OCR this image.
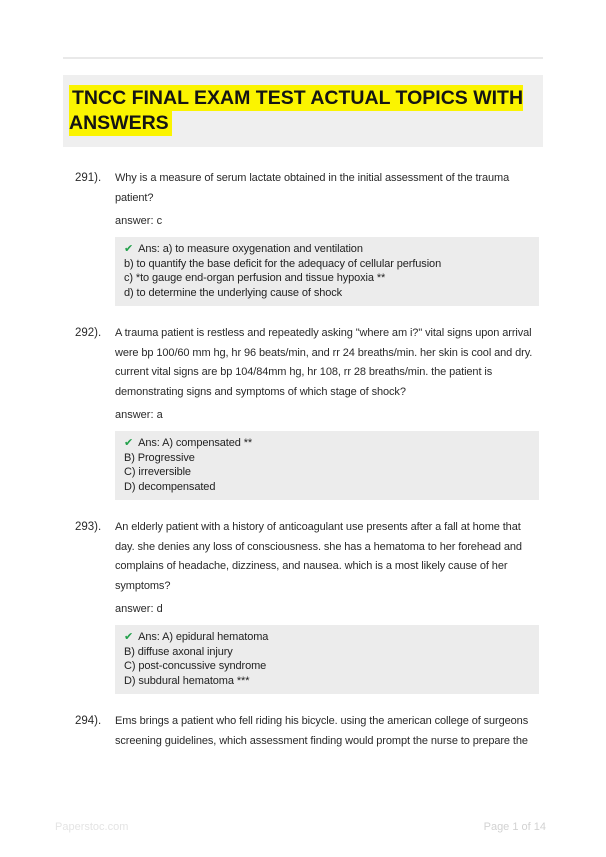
TNCC FINAL EXAM TEST ACTUAL TOPICS WITH ANSWERS
291).	Why is a measure of serum lactate obtained in the initial assessment of the trauma patient?
answer: c
✔ Ans: a) to measure oxygenation and ventilation
b) to quantify the base deficit for the adequacy of cellular perfusion
c) *to gauge end-organ perfusion and tissue hypoxia **
d) to determine the underlying cause of shock
292).	A trauma patient is restless and repeatedly asking "where am i?" vital signs upon arrival were bp 100/60 mm hg, hr 96 beats/min, and rr 24 breaths/min. her skin is cool and dry. current vital signs are bp 104/84mm hg, hr 108, rr 28 breaths/min. the patient is demonstrating signs and symptoms of which stage of shock?
answer: a
✔ Ans: A) compensated **
B) Progressive
C) irreversible
D) decompensated
293).	An elderly patient with a history of anticoagulant use presents after a fall at home that day. she denies any loss of consciousness. she has a hematoma to her forehead and complains of headache, dizziness, and nausea. which is a most likely cause of her symptoms?
answer: d
✔ Ans: A) epidural hematoma
B) diffuse axonal injury
C) post-concussive syndrome
D) subdural hematoma ***
294).	Ems brings a patient who fell riding his bicycle. using the american college of surgeons screening guidelines, which assessment finding would prompt the nurse to prepare the
Paperstoc.com	Page 1 of 14
